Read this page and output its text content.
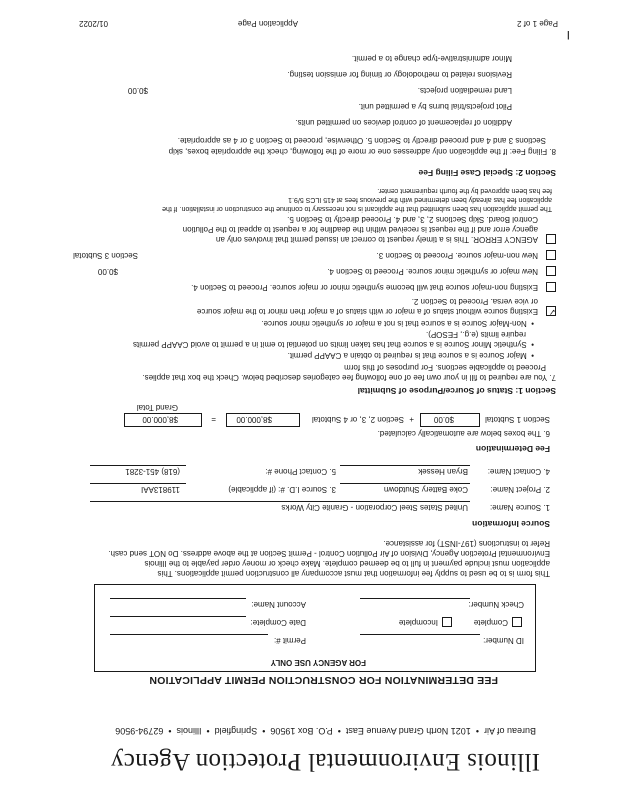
Illinois Environmental Protection Agency
Bureau of Air  •  1021 North Grand Avenue East  •  P.O. Box 19506  •  Springfield  •  Illinois  •  62794-9506
FEE DETERMINATION FOR CONSTRUCTION PERMIT APPLICATION
FOR AGENCY USE ONLY
ID Number:
Permit #:
Complete
Incomplete
Date Complete:
Check Number:
Account Name:
This form is to be used to supply fee information that must accompany all construction permit applications. This
application must include payment in full to be deemed complete. Make check or money order payable to the Illinois
Environmental Protection Agency, Division of Air Pollution Control - Permit Section at the above address. Do NOT send cash.
Refer to instructions (197-INST) for assistance.
Source Information
1. Source Name:
United States Steel Corporation - Granite City Works
2. Project Name:
Coke Battery Shutdown
3. Source I.D. #: (if applicable)
119813AAI
4. Contact Name:
Bryan Hessek
5. Contact Phone #:
(618) 451-3281
Fee Determination
6. The boxes below are automatically calculated.
Section 1 Subtotal
$0.00
+
Section 2, 3, or 4 Subtotal
$8,000.00
=
$8,000.00
Grand Total
Section 1: Status of Source/Purpose of Submittal
7. You are required to fill in your own fee of one following fee categories described below. Check the box that applies.
Proceed to applicable sections. For purposes of this form
•  Major Source is a source that is required to obtain a CAAPP permit.
•  Synthetic Minor Source is a source that has taken limits on potential to emit in a permit to avoid CAAPP permits
require limits (e.g., FESOP).
•  Non-Major Source is a source that is not a major or synthetic minor source.
✓
Existing source without status of a major or with status of a major then minor to the major source
or vice versa. Proceed to Section 2.
Existing non-major source that will become synthetic minor or major source. Proceed to Section 4.
New major or synthetic minor source. Proceed to Section 4.
$0.00
New non-major source. Proceed to Section 3.
Section 3 Subtotal
AGENCY ERROR. This is a timely request to correct an issued permit that involves only an
agency error and if the request is received within the deadline for a request to appeal to the Pollution
Control Board. Skip Sections 2, 3, and 4. Proceed directly to Section 5.
The permit application has been submitted that the applicant is not necessary to continue the construction or installation. If the
application fee has already been determined with the previous fees at 415 ILCS 5/9.1
fee has been approved by the fourth requirement center.
Section 2: Special Case Filing Fee
8. Filing Fee: If the application only addresses one or more of the following, check the appropriate boxes, skip
Sections 3 and 4 and proceed directly to Section 5. Otherwise, proceed to Section 3 or 4 as appropriate.
Addition of replacement of control devices on permitted units.
Pilot projects/trial burns by a permitted unit.
Land remediation projects.
$0.00
Revisions related to methodology or timing for emission testing.
Minor administrative-type change to a permit.
I
Page 1 of 2
Application Page
01/2022
